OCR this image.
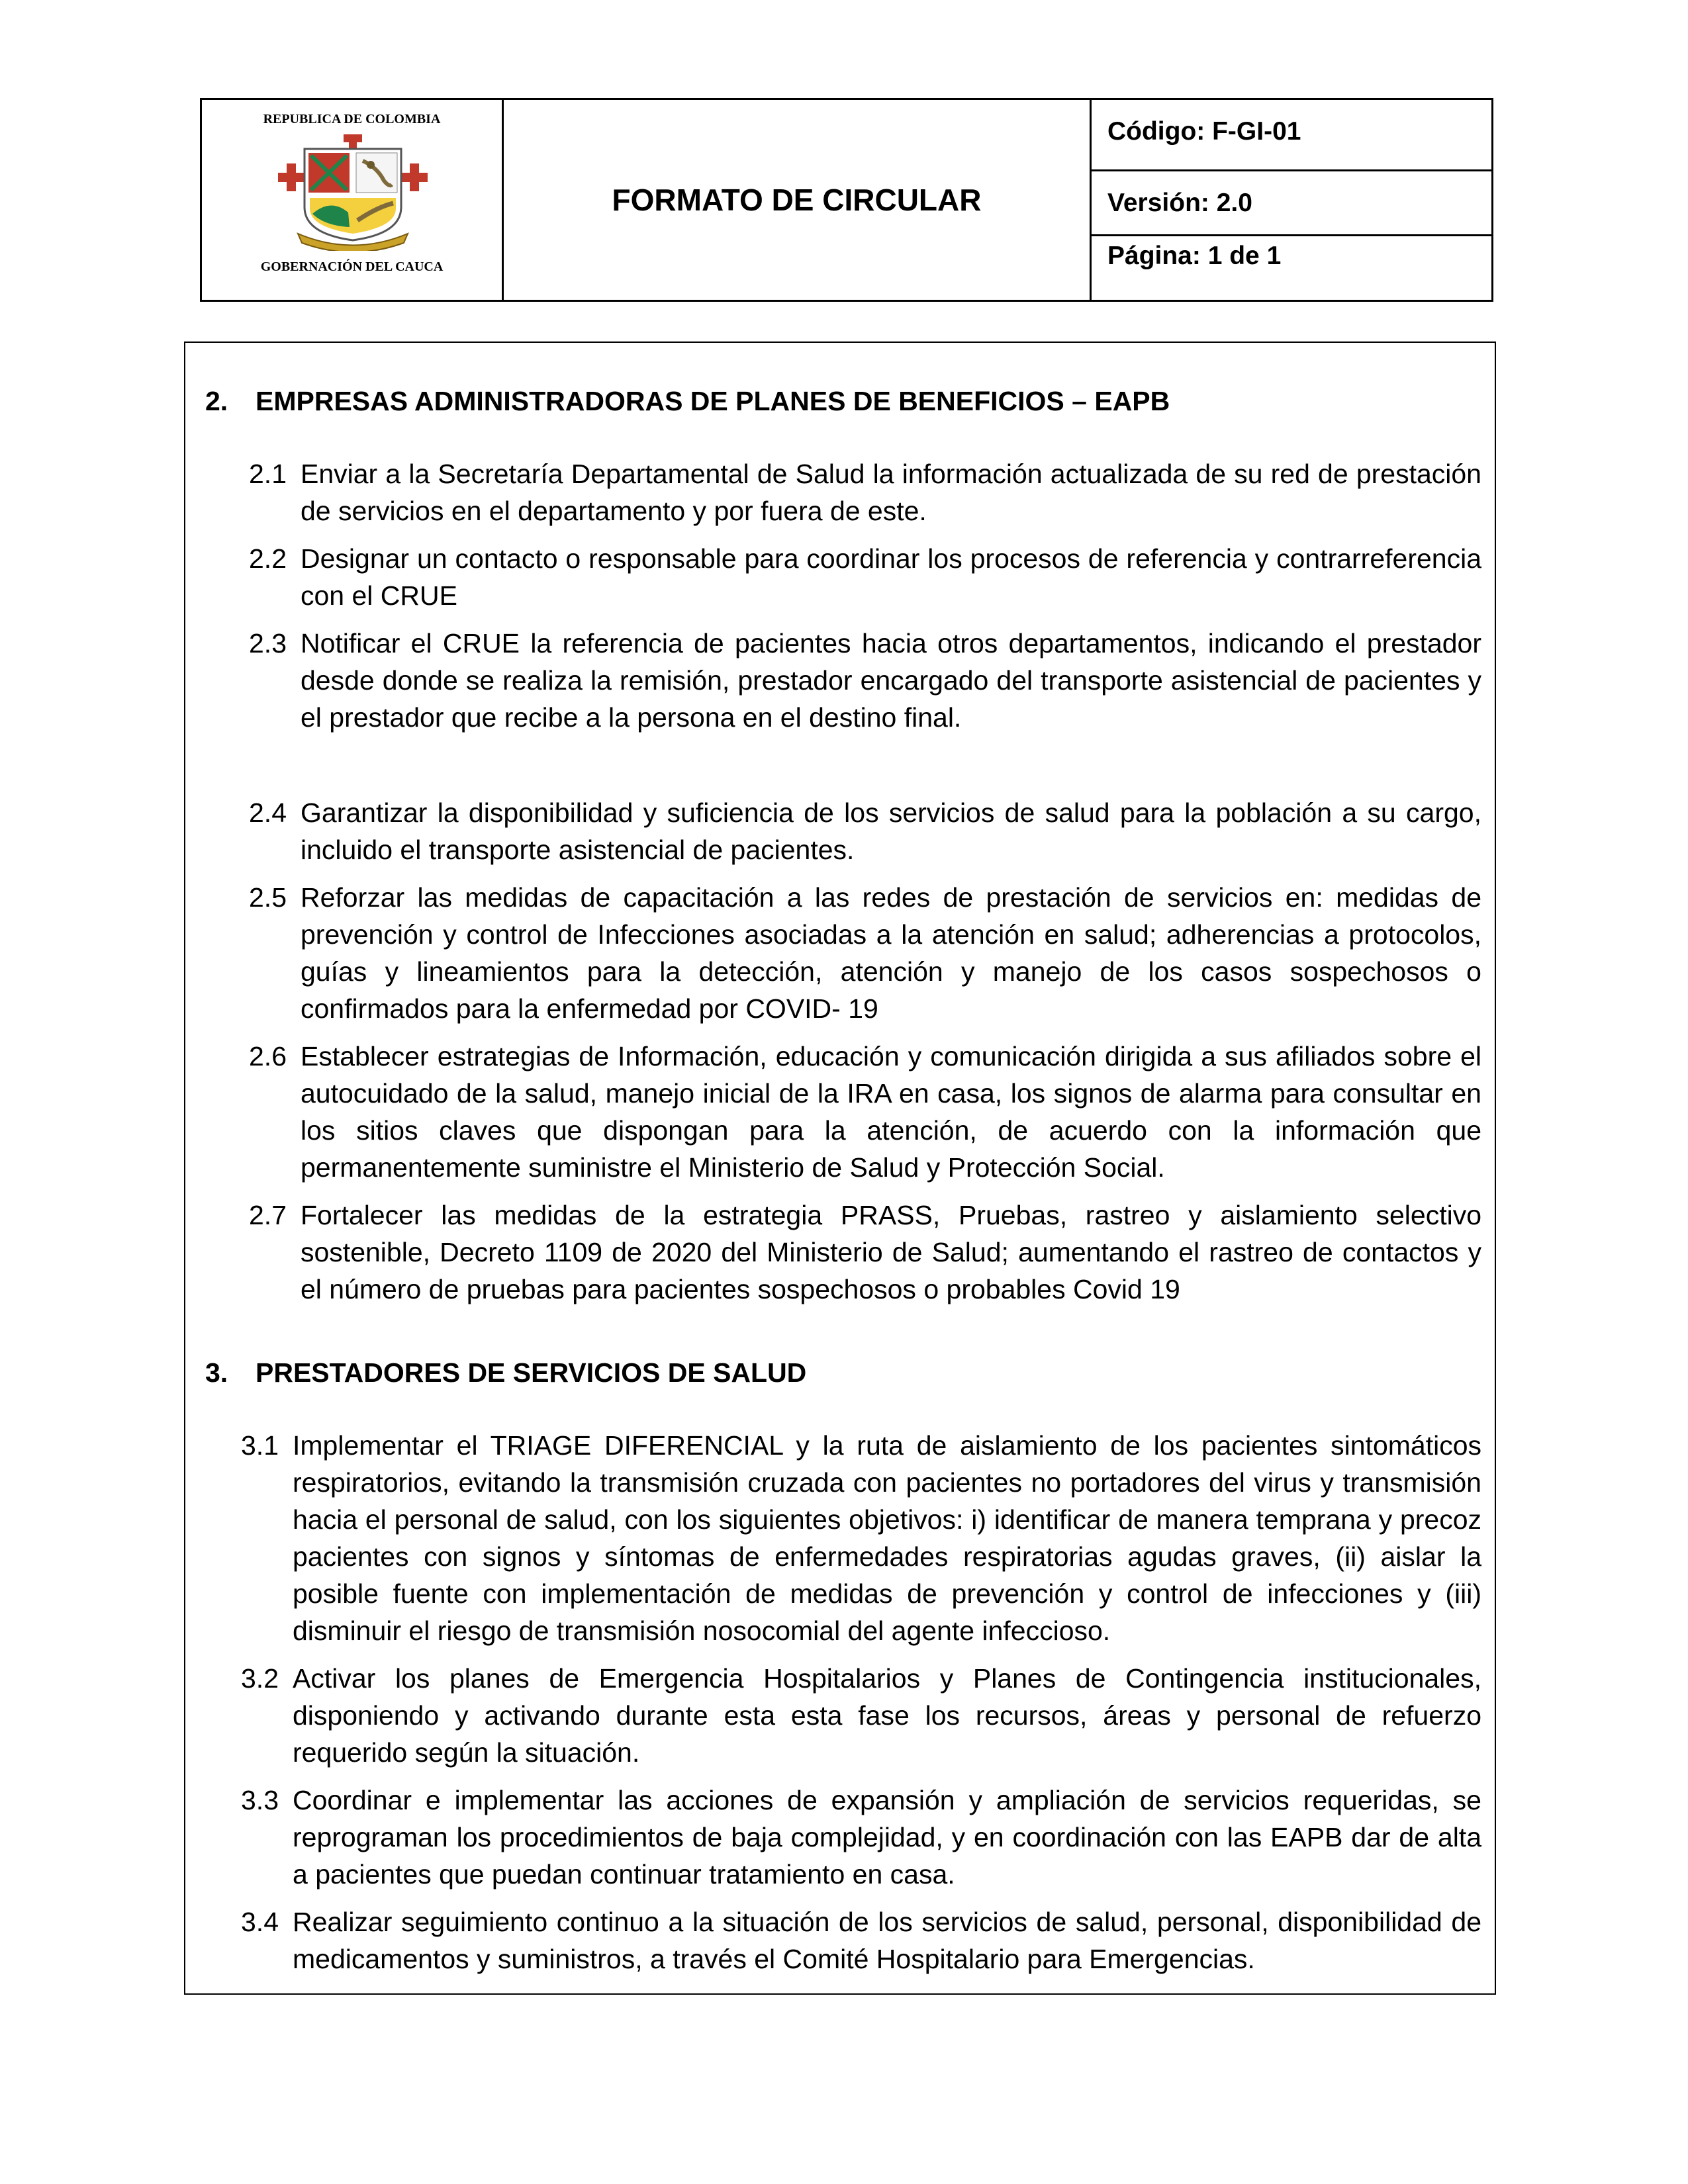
REPUBLICA DE COLOMBIA
GOBERNACIÓN DEL CAUCA
FORMATO DE CIRCULAR
Código: F-GI-01
Versión: 2.0
Página: 1 de 1
2. EMPRESAS ADMINISTRADORAS DE PLANES DE BENEFICIOS – EAPB
2.1 Enviar a la Secretaría Departamental de Salud la información actualizada de su red de prestación de servicios en el departamento y por fuera de este.
2.2 Designar un contacto o responsable para coordinar los procesos de referencia y contrarreferencia con el CRUE
2.3 Notificar el CRUE la referencia de pacientes hacia otros departamentos, indicando el prestador desde donde se realiza la remisión, prestador encargado del transporte asistencial de pacientes y el prestador que recibe a la persona en el destino final.
2.4 Garantizar la disponibilidad y suficiencia de los servicios de salud para la población a su cargo, incluido el transporte asistencial de pacientes.
2.5 Reforzar las medidas de capacitación a las redes de prestación de servicios en: medidas de prevención y control de Infecciones asociadas a la atención en salud; adherencias a protocolos, guías y lineamientos para la detección, atención y manejo de los casos sospechosos o confirmados para la enfermedad por COVID- 19
2.6 Establecer estrategias de Información, educación y comunicación dirigida a sus afiliados sobre el autocuidado de la salud, manejo inicial de la IRA en casa, los signos de alarma para consultar en los sitios claves que dispongan para la atención, de acuerdo con la información que permanentemente suministre el Ministerio de Salud y Protección Social.
2.7 Fortalecer las medidas de la estrategia PRASS, Pruebas, rastreo y aislamiento selectivo sostenible, Decreto 1109 de 2020 del Ministerio de Salud; aumentando el rastreo de contactos y el número de pruebas para pacientes sospechosos o probables Covid 19
3. PRESTADORES DE SERVICIOS DE SALUD
3.1 Implementar el TRIAGE DIFERENCIAL y la ruta de aislamiento de los pacientes sintomáticos respiratorios, evitando la transmisión cruzada con pacientes no portadores del virus y transmisión hacia el personal de salud, con los siguientes objetivos: i) identificar de manera temprana y precoz pacientes con signos y síntomas de enfermedades respiratorias agudas graves, (ii) aislar la posible fuente con implementación de medidas de prevención y control de infecciones y (iii) disminuir el riesgo de transmisión nosocomial del agente infeccioso.
3.2 Activar los planes de Emergencia Hospitalarios y Planes de Contingencia institucionales, disponiendo y activando durante esta esta fase los recursos, áreas y personal de refuerzo requerido según la situación.
3.3 Coordinar e implementar las acciones de expansión y ampliación de servicios requeridas, se reprograman los procedimientos de baja complejidad, y en coordinación con las EAPB dar de alta a pacientes que puedan continuar tratamiento en casa.
3.4 Realizar seguimiento continuo a la situación de los servicios de salud, personal, disponibilidad de medicamentos y suministros, a través el Comité Hospitalario para Emergencias.
